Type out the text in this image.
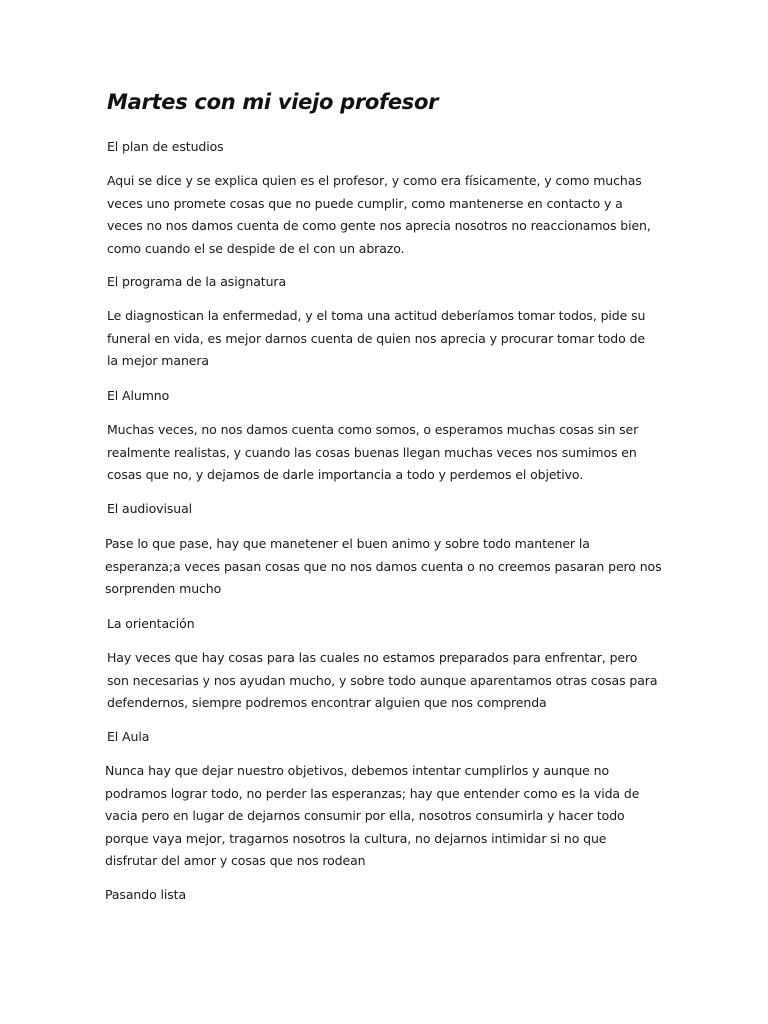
Martes con mi viejo profesor
El plan de estudios
Aqui se dice y se explica quien es el profesor, y como era físicamente, y como muchas
veces uno promete cosas que no puede cumplir, como mantenerse en contacto y a
veces no nos damos cuenta de como gente nos aprecia nosotros no reaccionamos bien,
como cuando el se despide de el con un abrazo.
El programa de la asignatura
Le diagnostican la enfermedad, y el toma una actitud deberíamos tomar todos, pide su
funeral en vida, es mejor darnos cuenta de quien nos aprecia y procurar tomar todo de
la mejor manera
El Alumno
Muchas veces, no nos damos cuenta como somos, o esperamos muchas cosas sin ser
realmente realistas, y cuando las cosas buenas llegan muchas veces nos sumimos en
cosas que no, y dejamos de darle importancia a todo y perdemos el objetivo.
El audiovisual
Pase lo que pase, hay que manetener el buen animo y sobre todo mantener la
esperanza;a veces pasan cosas que no nos damos cuenta o no creemos pasaran pero nos
sorprenden mucho
La orientación
Hay veces que hay cosas para las cuales no estamos preparados para enfrentar, pero
son necesarias y nos ayudan mucho, y sobre todo aunque aparentamos otras cosas para
defendernos, siempre podremos encontrar alguien que nos comprenda
El Aula
Nunca hay que dejar nuestro objetivos, debemos intentar cumplirlos y aunque no
podramos lograr todo, no perder las esperanzas; hay que entender como es la vida de
vacia pero en lugar de dejarnos consumir por ella, nosotros consumirla y hacer todo
porque vaya mejor, tragarnos nosotros la cultura, no dejarnos intimidar si no que
disfrutar del amor y cosas que nos rodean
Pasando lista
